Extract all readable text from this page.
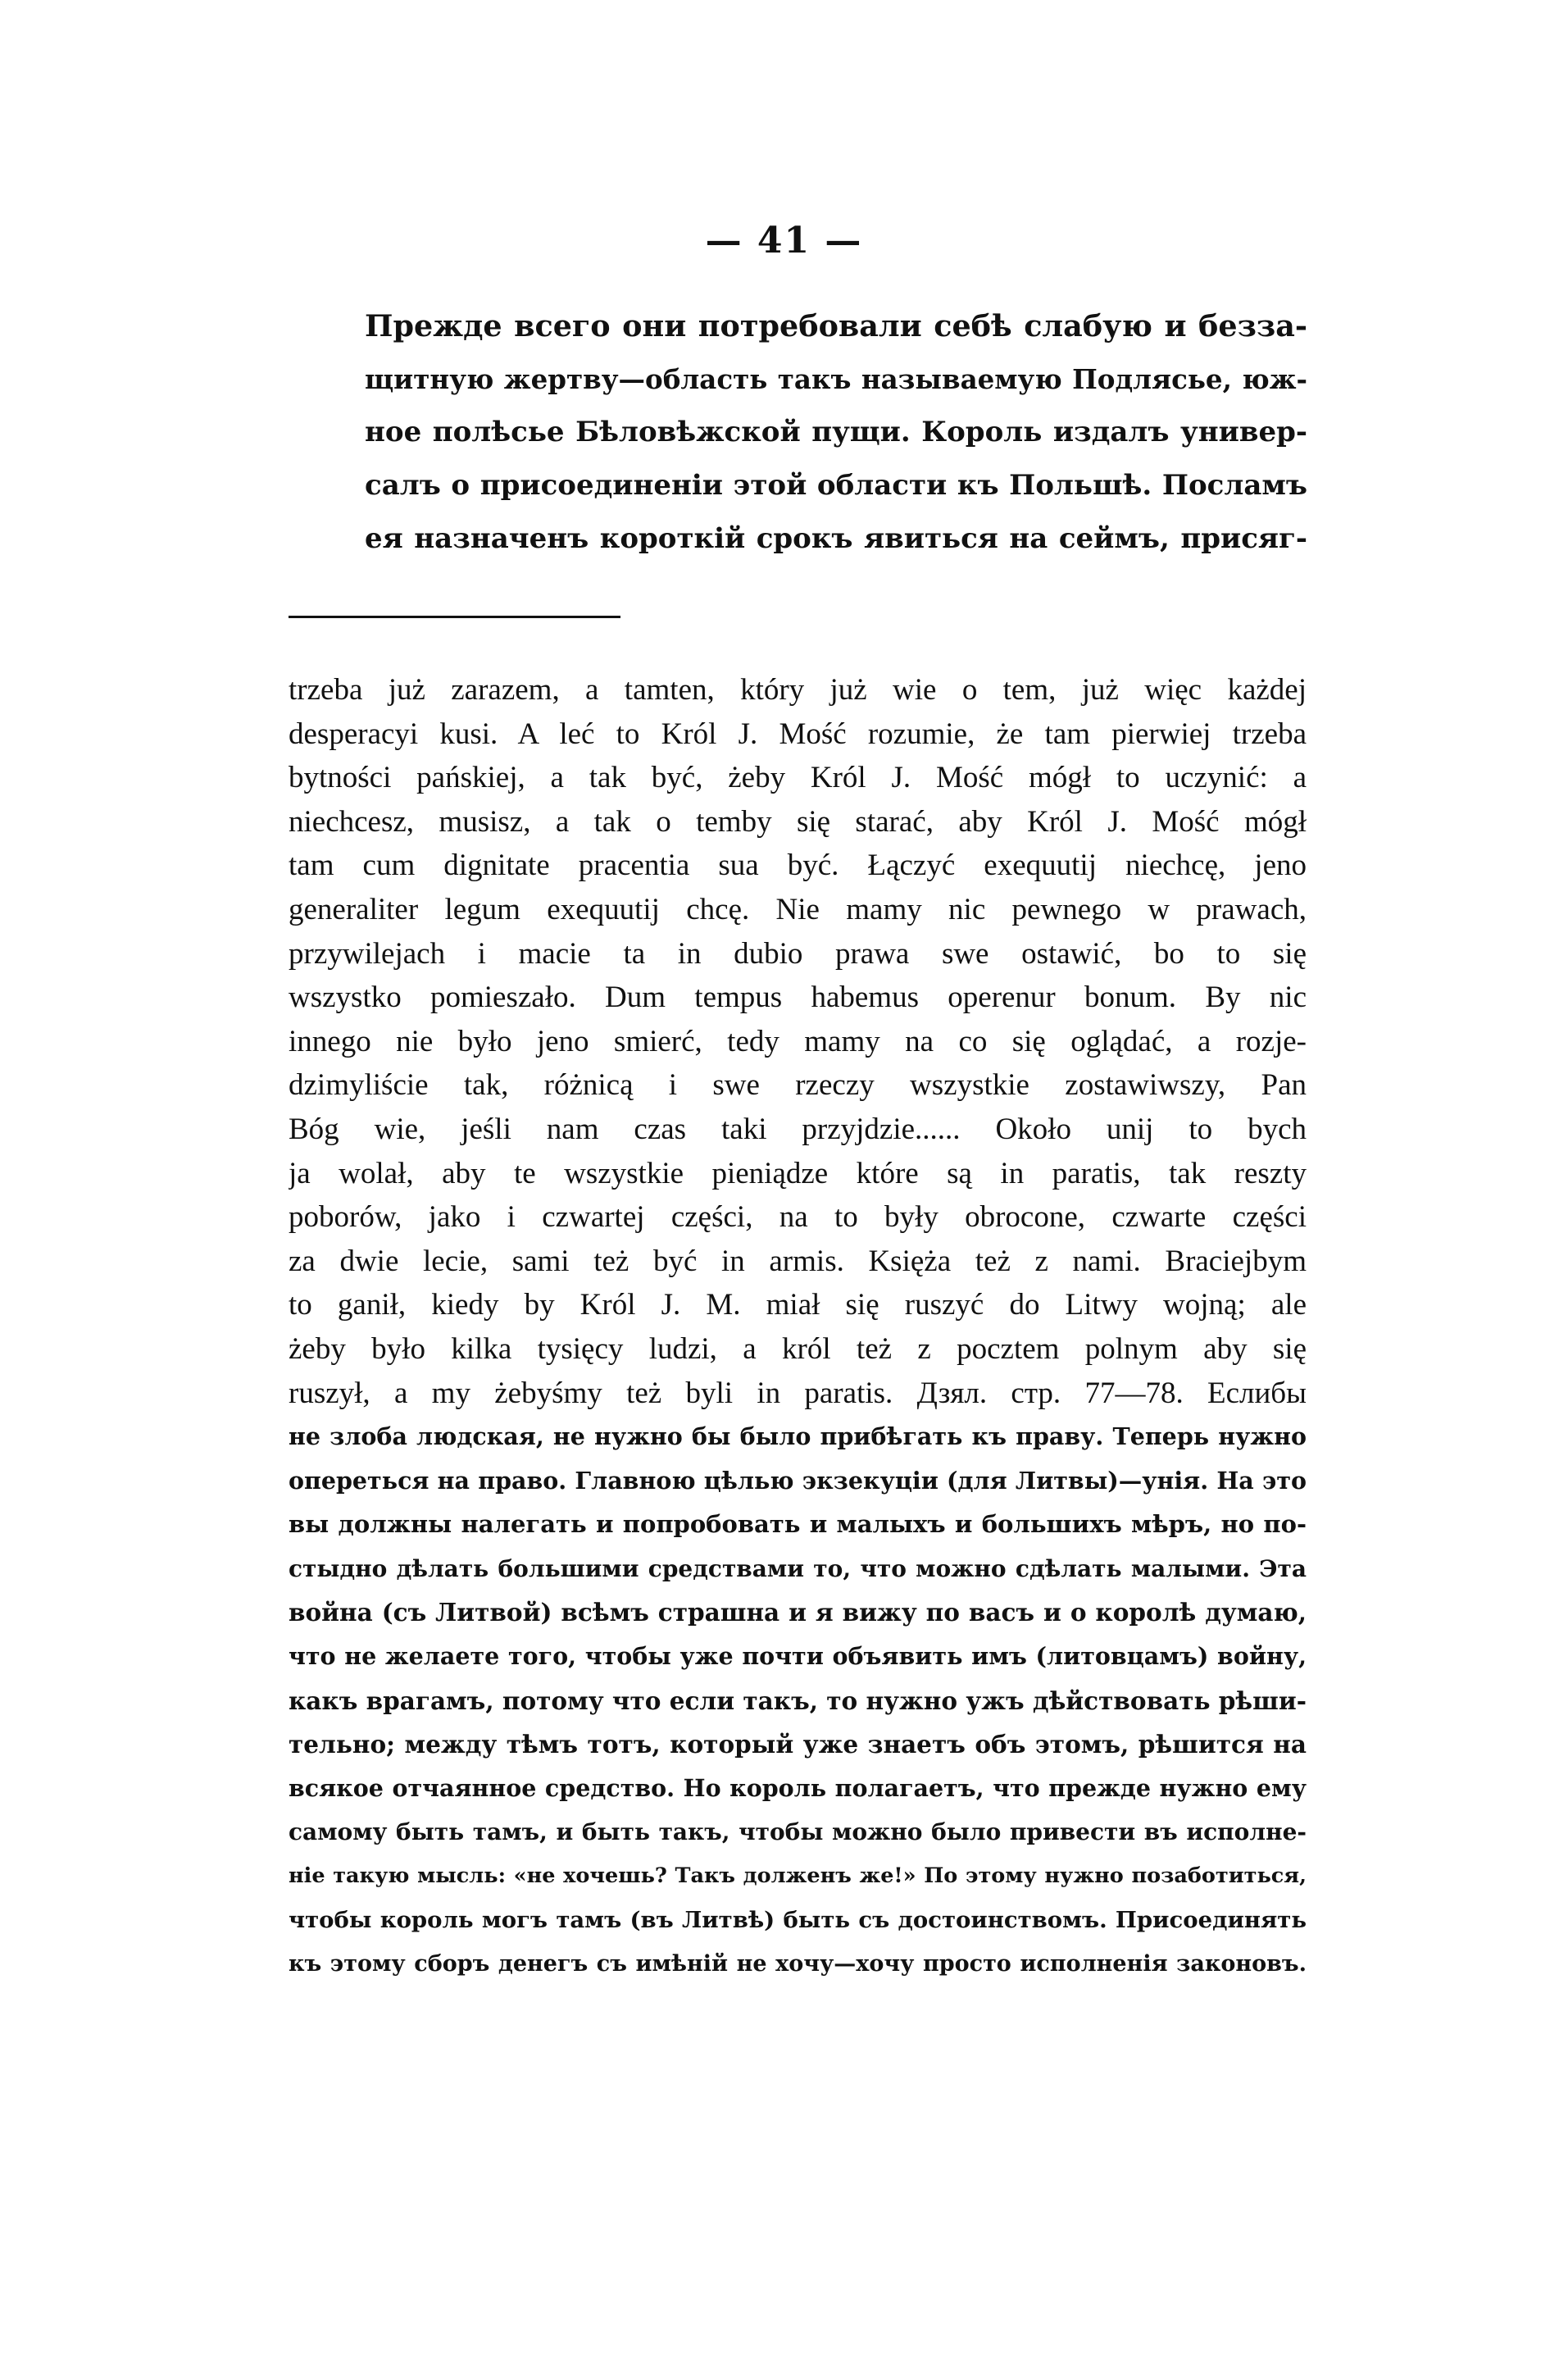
— 41 —
Прежде всего они потребовали себѣ слабую и безза-
щитную жертву—область такъ называемую Подлясье, юж-
ное полѣсье Бѣловѣжской пущи. Король издалъ универ-
салъ о присоединеніи этой области къ Польшѣ. Посламъ
ея назначенъ короткій срокъ явиться на сеймъ, присяг-
trzeba już zarazem, a tamten, który już wie o tem, już więc każdej
desperacyi kusi. A leć to Król J. Mość rozumie, że tam pierwiej trzeba
bytności pańskiej, a tak być, żeby Król J. Mość mógł to uczynić: a
niechcesz, musisz, a tak o temby się starać, aby Król J. Mość mógł
tam cum dignitate pracentia sua być. Łączyć exequutij niechcę, jeno
generaliter legum exequutij chcę. Nie mamy nic pewnego w prawach,
przywilejach i macie ta in dubio prawa swe ostawić, bo to się
wszystko pomieszało. Dum tempus habemus operenur bonum. By nic
innego nie było jeno smierć, tedy mamy na co się oglądać, a rozje-
dzimyliście tak, różnicą i swe rzeczy wszystkie zostawiwszy, Pan
Bóg wie, jeśli nam czas taki przyjdzie...... Około unij to bych
ja wolał, aby te wszystkie pieniądze które są in paratis, tak reszty
poborów, jako i czwartej części, na to były obrocone, czwarte części
za dwie lecie, sami też być in armis. Księża też z nami. Braciejbym
to ganił, kiedy by Król J. M. miał się ruszyć do Litwy wojną; ale
żeby było kilka tysięcy ludzi, a król też z pocztem polnym aby się
ruszył, a my żebyśmy też byli in paratis. Дзял. стр. 77—78. Еслибы
не злоба людская, не нужно бы было прибѣгать къ праву. Теперь нужно
опереться на право. Главною цѣлью экзекуціи (для Литвы)—унія. На это
вы должны налегать и попробовать и малыхъ и большихъ мѣръ, но по-
стыдно дѣлать большими средствами то, что можно сдѣлать малыми. Эта
война (съ Литвой) всѣмъ страшна и я вижу по васъ и о королѣ думаю,
что не желаете того, чтобы уже почти объявить имъ (литовцамъ) войну,
какъ врагамъ, потому что если такъ, то нужно ужъ дѣйствовать рѣши-
тельно; между тѣмъ тотъ, который уже знаетъ объ этомъ, рѣшится на
всякое отчаянное средство. Но король полагаетъ, что прежде нужно ему
самому быть тамъ, и быть такъ, чтобы можно было привести въ исполне-
ніе такую мысль: «не хочешь? Такъ долженъ же!» По этому нужно позаботиться,
чтобы король могъ тамъ (въ Литвѣ) быть съ достоинствомъ. Присоединять
къ этому сборъ денегъ съ имѣній не хочу—хочу просто исполненія законовъ.
